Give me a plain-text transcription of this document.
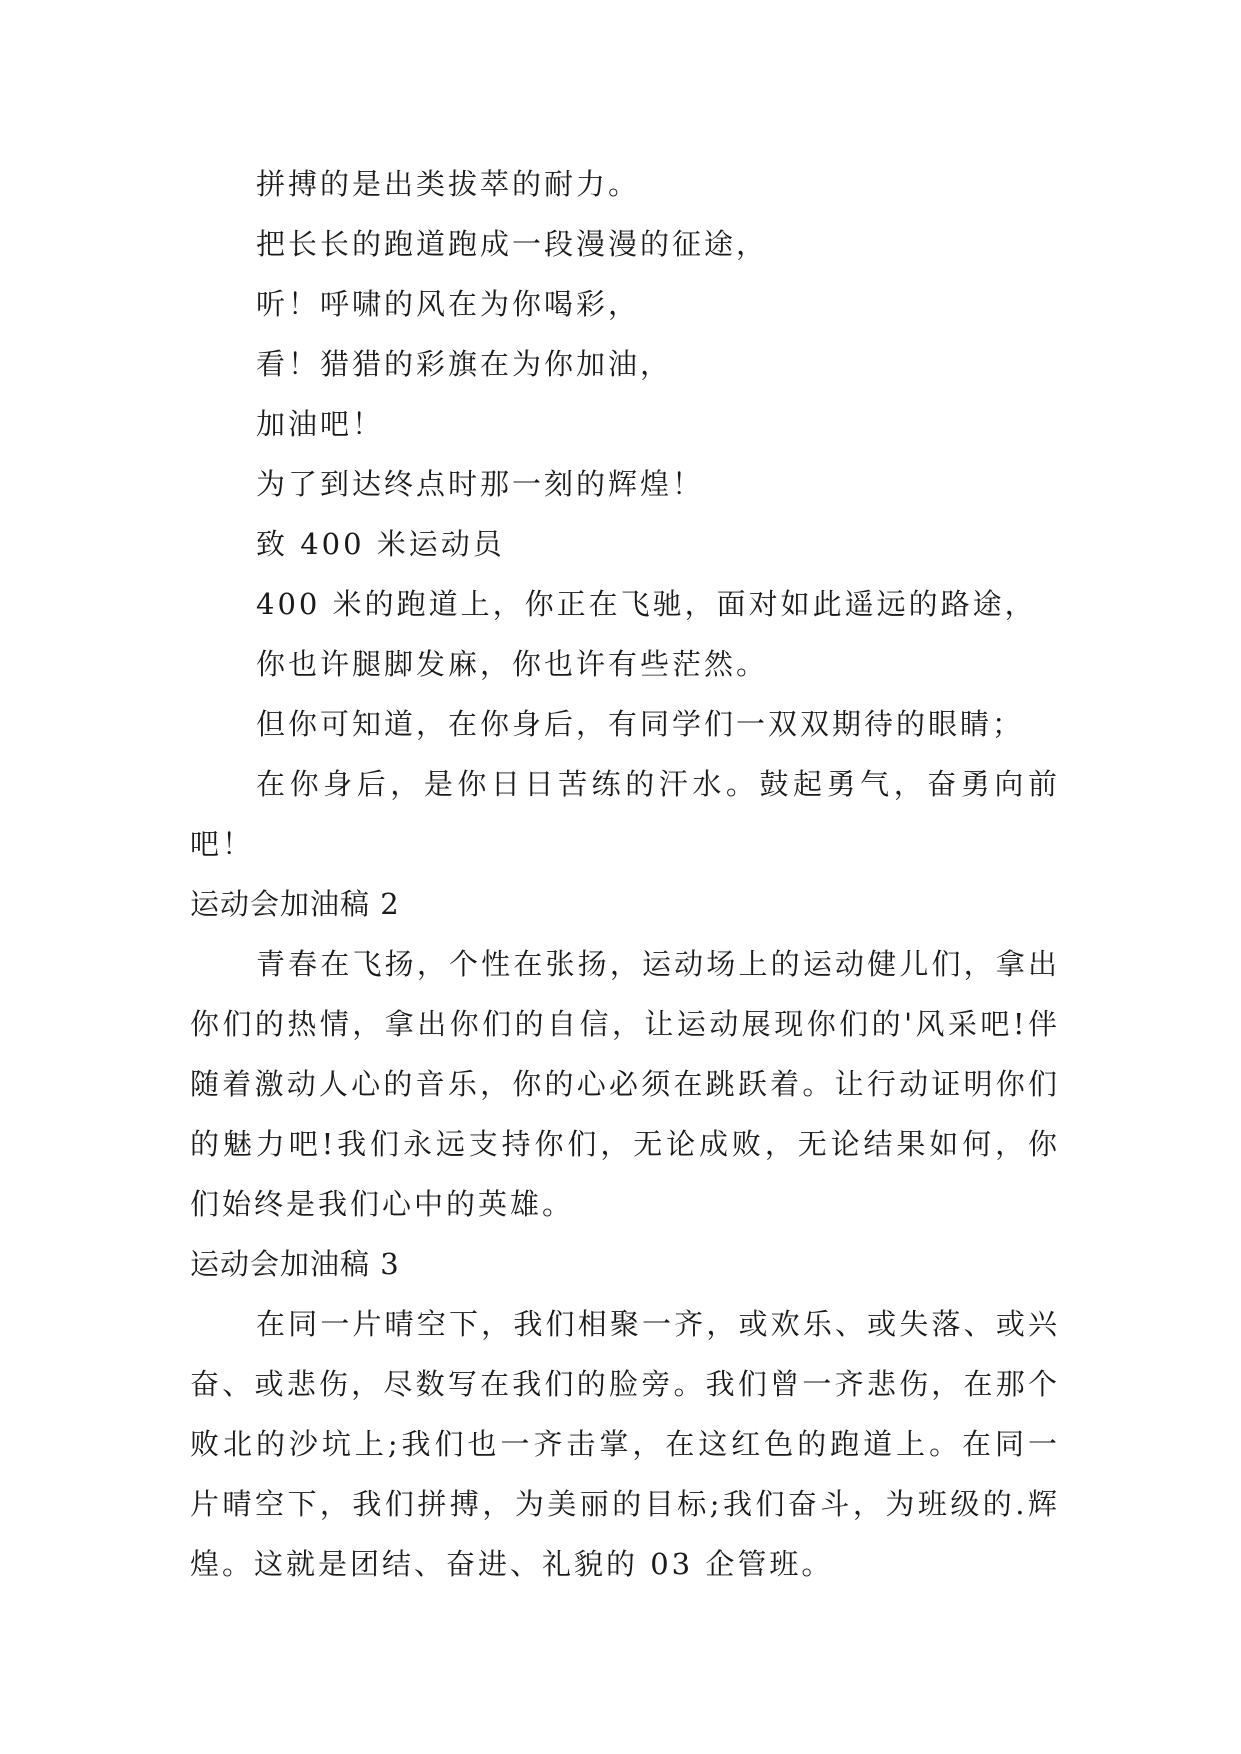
拼搏的是出类拔萃的耐力。
把长长的跑道跑成一段漫漫的征途，
听！呼啸的风在为你喝彩，
看！猎猎的彩旗在为你加油，
加油吧！
为了到达终点时那一刻的辉煌！
致 400 米运动员
400 米的跑道上，你正在飞驰，面对如此遥远的路途，
你也许腿脚发麻，你也许有些茫然。
但你可知道，在你身后，有同学们一双双期待的眼睛；
在你身后，是你日日苦练的汗水。鼓起勇气，奋勇向前吧！
运动会加油稿 2
青春在飞扬，个性在张扬，运动场上的运动健儿们，拿出你们的热情，拿出你们的自信，让运动展现你们的'风采吧!伴随着激动人心的音乐，你的心必须在跳跃着。让行动证明你们的魅力吧!我们永远支持你们，无论成败，无论结果如何，你们始终是我们心中的英雄。
运动会加油稿 3
在同一片晴空下，我们相聚一齐，或欢乐、或失落、或兴奋、或悲伤，尽数写在我们的脸旁。我们曾一齐悲伤，在那个败北的沙坑上;我们也一齐击掌，在这红色的跑道上。在同一片晴空下，我们拼搏，为美丽的目标;我们奋斗，为班级的.辉煌。这就是团结、奋进、礼貌的 03 企管班。
